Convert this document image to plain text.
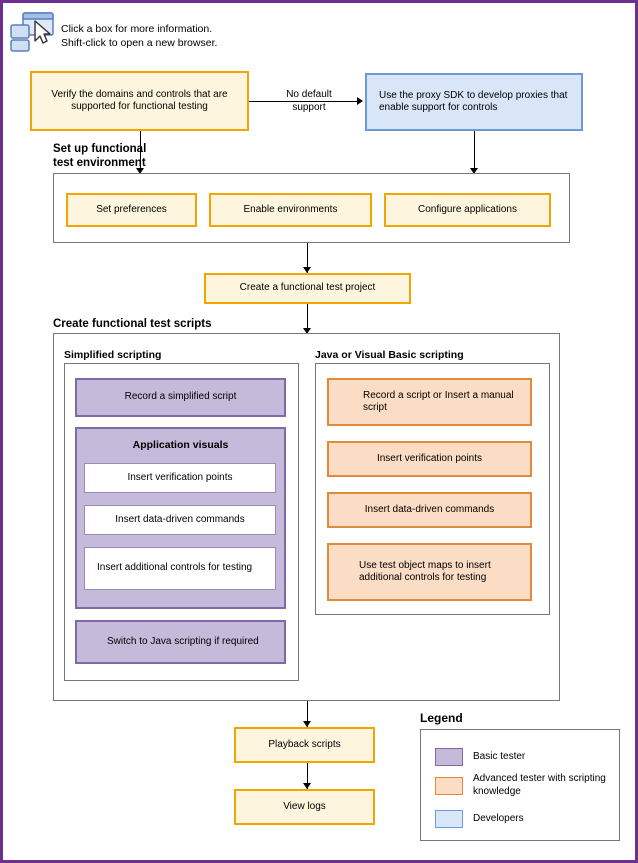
Click a box for more information.
Shift-click to open a new browser.
Verify the domains and controls that are supported for functional testing
No default
support
Use the proxy SDK to develop proxies that enable support for controls
Set up functional
test environment
Set preferences	Enable environments	Configure applications
Create a functional test project
Create functional test scripts
Simplified scripting
Record a simplified script
Application visuals
Insert verification points
Insert data-driven commands
Insert additional controls for testing
Switch to Java scripting if required
Java or Visual Basic scripting
Record a script or Insert a manual script
Insert verification points
Insert data-driven commands
Use test object maps to insert additional controls for testing
Playback scripts
View logs
Legend
Basic tester
Advanced tester with scripting knowledge
Developers
